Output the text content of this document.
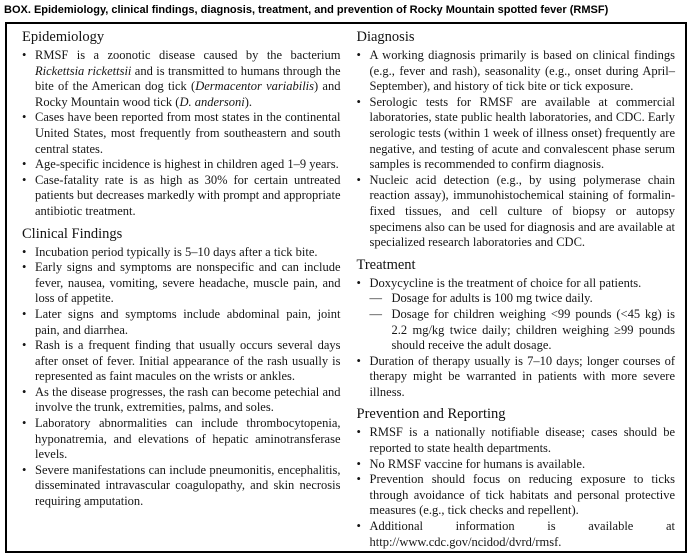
BOX. Epidemiology, clinical findings, diagnosis, treatment, and prevention of Rocky Mountain spotted fever (RMSF)
Epidemiology
• RMSF is a zoonotic disease caused by the bacterium Rickettsia rickettsii and is transmitted to humans through the bite of the American dog tick (Dermacentor variabilis) and Rocky Mountain wood tick (D. andersoni).
• Cases have been reported from most states in the continental United States, most frequently from southeastern and south central states.
• Age-specific incidence is highest in children aged 1–9 years.
• Case-fatality rate is as high as 30% for certain untreated patients but decreases markedly with prompt and appropriate antibiotic treatment.
Clinical Findings
• Incubation period typically is 5–10 days after a tick bite.
• Early signs and symptoms are nonspecific and can include fever, nausea, vomiting, severe headache, muscle pain, and loss of appetite.
• Later signs and symptoms include abdominal pain, joint pain, and diarrhea.
• Rash is a frequent finding that usually occurs several days after onset of fever. Initial appearance of the rash usually is represented as faint macules on the wrists or ankles.
• As the disease progresses, the rash can become petechial and involve the trunk, extremities, palms, and soles.
• Laboratory abnormalities can include thrombocytopenia, hyponatremia, and elevations of hepatic aminotransferase levels.
• Severe manifestations can include pneumonitis, encephalitis, disseminated intravascular coagulopathy, and skin necrosis requiring amputation.
Diagnosis
• A working diagnosis primarily is based on clinical findings (e.g., fever and rash), seasonality (e.g., onset during April–September), and history of tick bite or tick exposure.
• Serologic tests for RMSF are available at commercial laboratories, state public health laboratories, and CDC. Early serologic tests (within 1 week of illness onset) frequently are negative, and testing of acute and convalescent phase serum samples is recommended to confirm diagnosis.
• Nucleic acid detection (e.g., by using polymerase chain reaction assay), immunohistochemical staining of formalin-fixed tissues, and cell culture of biopsy or autopsy specimens also can be used for diagnosis and are available at specialized research laboratories and CDC.
Treatment
• Doxycycline is the treatment of choice for all patients.
— Dosage for adults is 100 mg twice daily.
— Dosage for children weighing <99 pounds (<45 kg) is 2.2 mg/kg twice daily; children weighing ≥99 pounds should receive the adult dosage.
• Duration of therapy usually is 7–10 days; longer courses of therapy might be warranted in patients with more severe illness.
Prevention and Reporting
• RMSF is a nationally notifiable disease; cases should be reported to state health departments.
• No RMSF vaccine for humans is available.
• Prevention should focus on reducing exposure to ticks through avoidance of tick habitats and personal protective measures (e.g., tick checks and repellent).
• Additional information is available at http://www.cdc.gov/ncidod/dvrd/rmsf.
